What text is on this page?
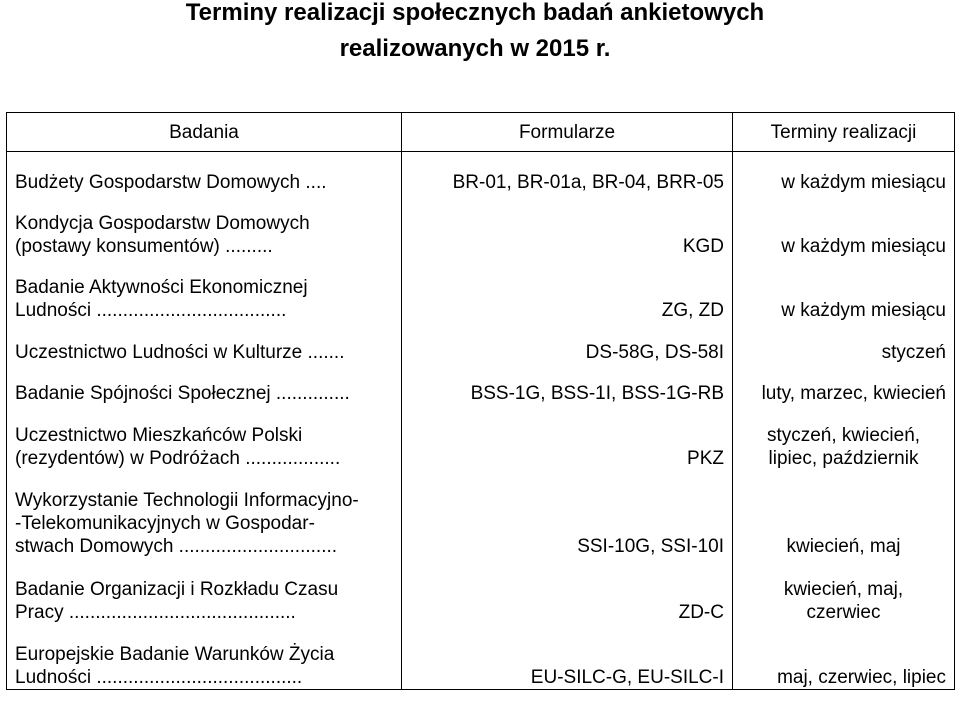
Terminy realizacji społecznych badań ankietowych
realizowanych w 2015 r.
Badania	Formularze	Terminy realizacji

Budżety Gospodarstw Domowych ....	BR-01, BR-01a, BR-04, BRR-05	w każdym miesiącu

Kondycja Gospodarstw Domowych
(postawy konsumentów) .........	KGD	w każdym miesiącu

Badanie Aktywności Ekonomicznej
Ludności ....................................	ZG, ZD	w każdym miesiącu

Uczestnictwo Ludności w Kulturze .......	DS-58G, DS-58I	styczeń

Badanie Spójności Społecznej ..............	BSS-1G, BSS-1I, BSS-1G-RB	luty, marzec, kwiecień

Uczestnictwo Mieszkańców Polski
(rezydentów) w Podróżach ..................	PKZ	styczeń, kwiecień,
lipiec, październik

Wykorzystanie Technologii Informacyjno-
-Telekomunikacyjnych w Gospodar-
stwach Domowych ..............................	SSI-10G, SSI-10I	kwiecień, maj

Badanie Organizacji i Rozkładu Czasu
Pracy ...........................................	ZD-C	kwiecień, maj,
czerwiec

Europejskie Badanie Warunków Życia
Ludności .......................................	EU-SILC-G, EU-SILC-I	maj, czerwiec, lipiec
